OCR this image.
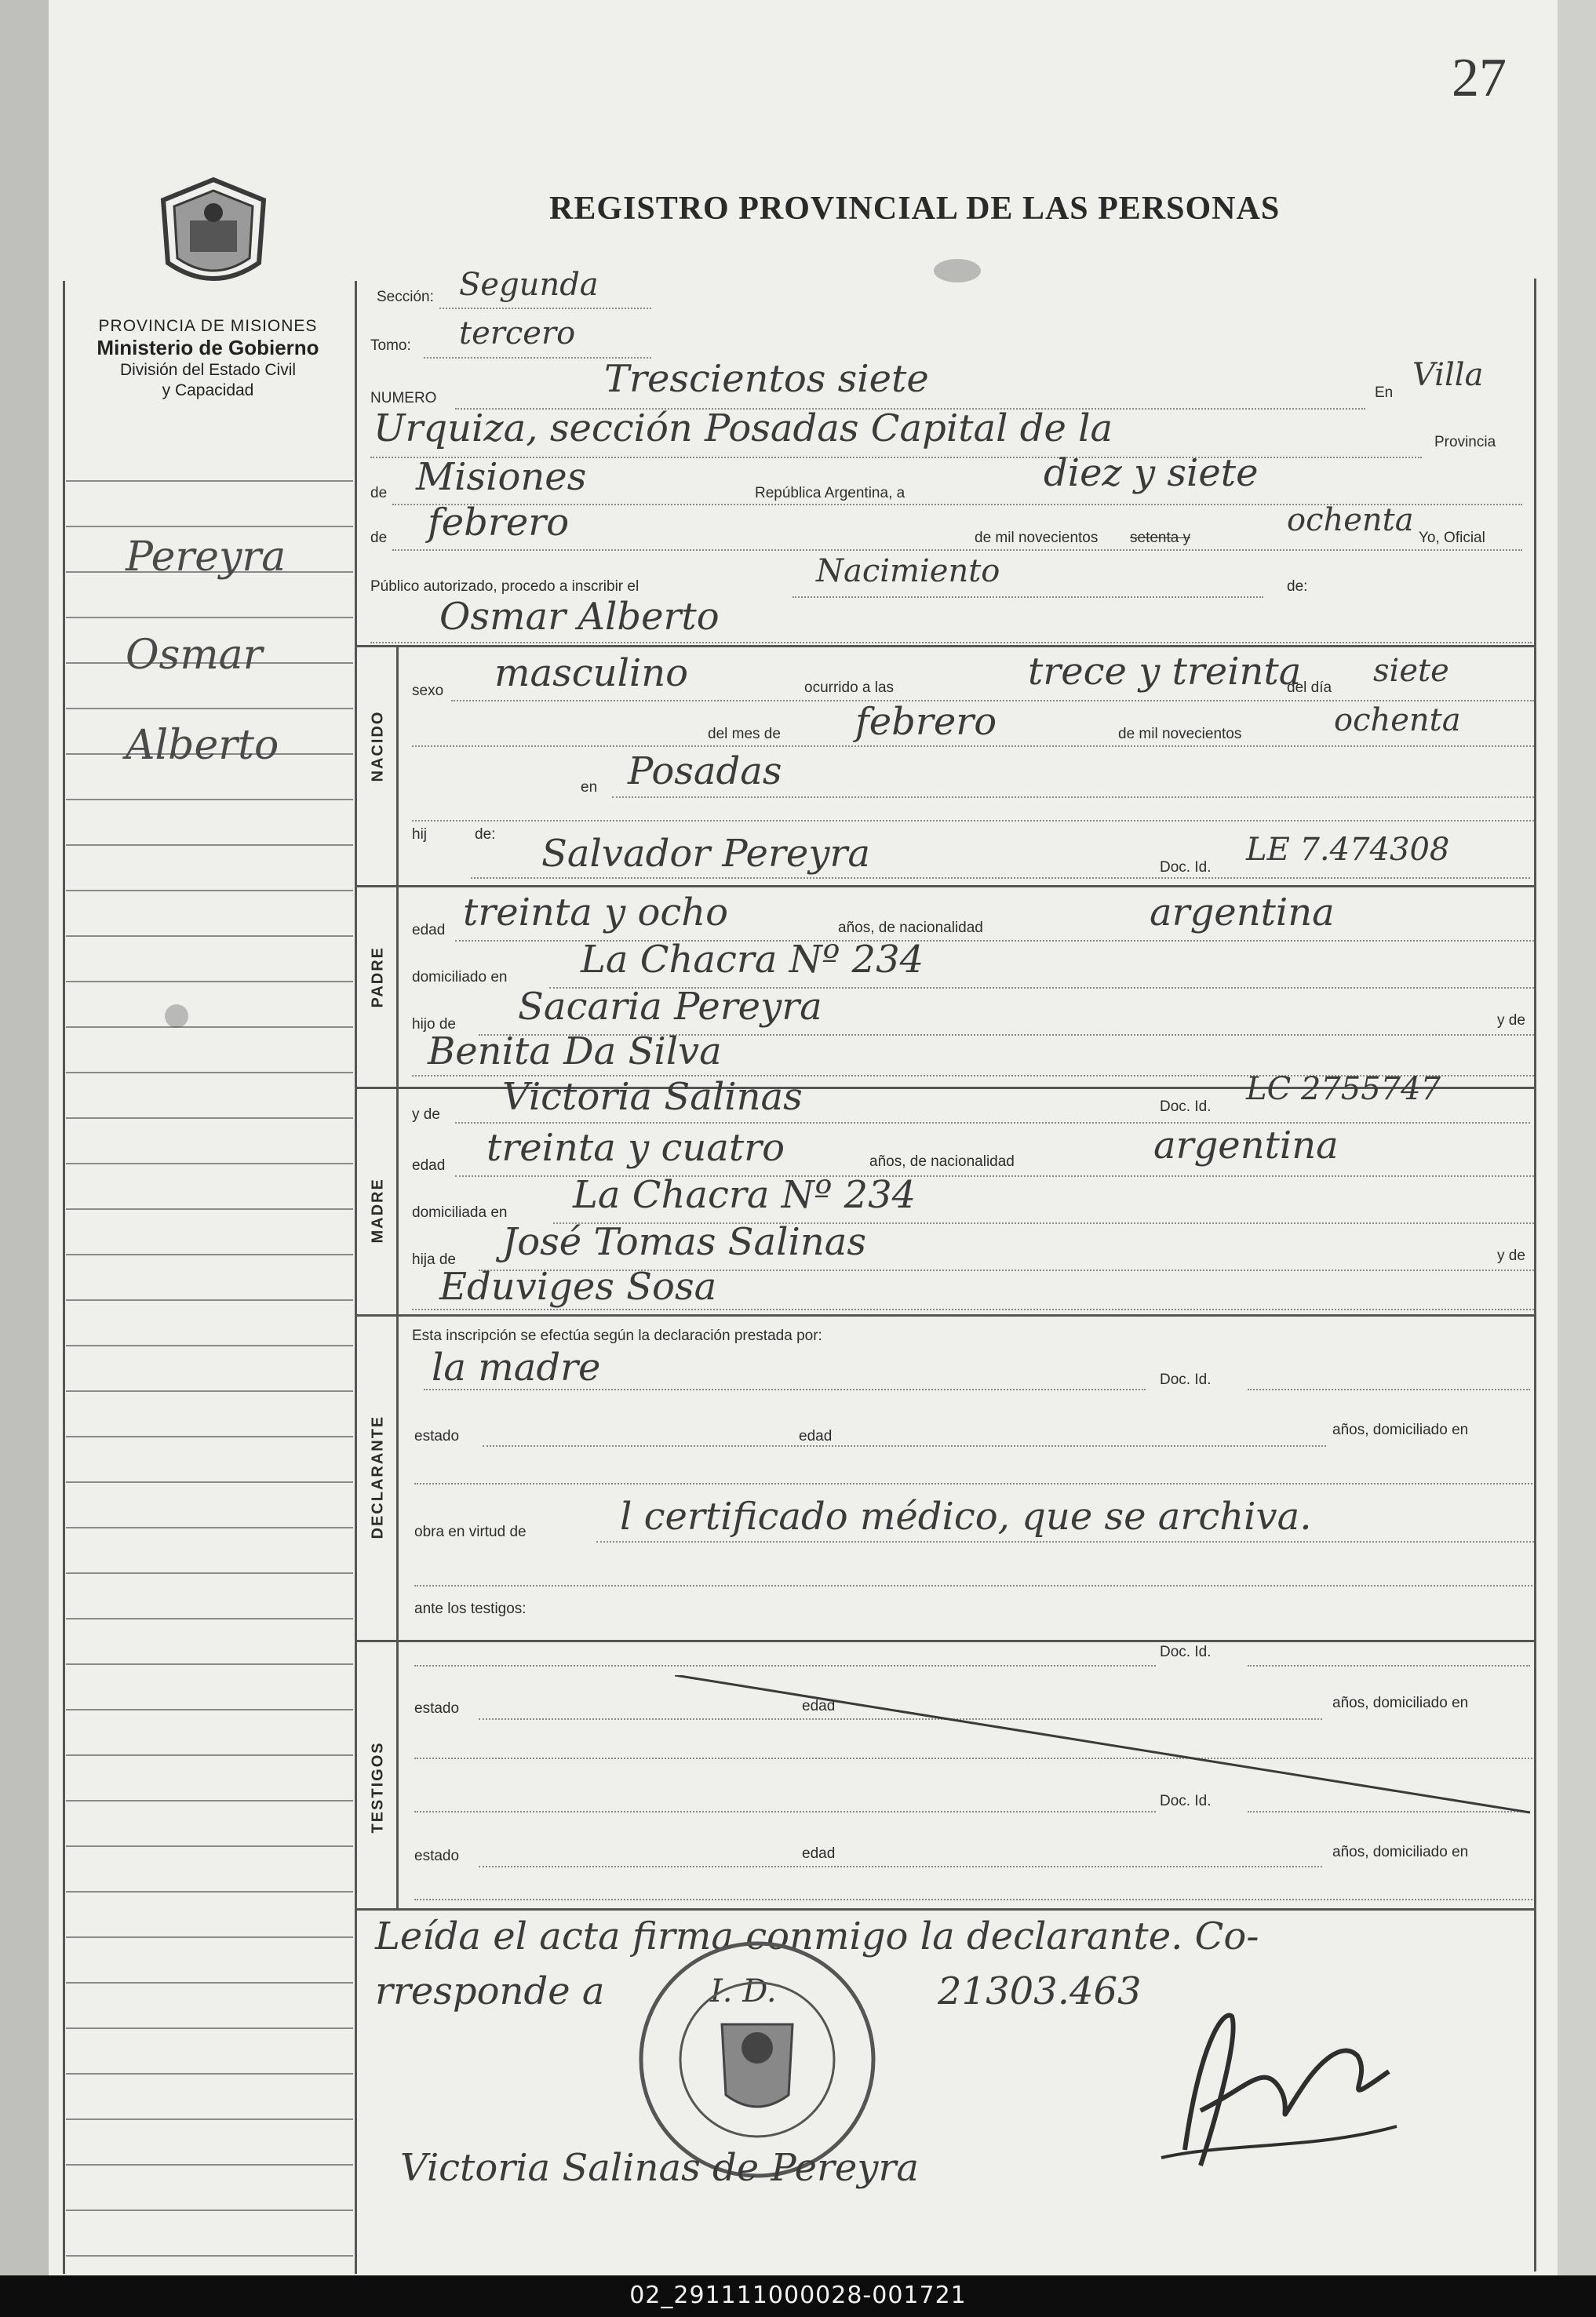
27
REGISTRO PROVINCIAL DE LAS PERSONAS
PROVINCIA DE MISIONES
Ministerio de Gobierno
División del Estado Civil
y Capacidad
Pereyra
Osmar
Alberto
Sección: Segunda
Tomo: tercero
NUMERO	Trescientos siete	En Villa
Urquiza, sección Posadas Capital de la	Provincia
de Misiones	República Argentina, a	diez y siete
de febrero	de mil novecientos setenta y	ochenta Yo, Oficial
Público autorizado, procedo a inscribir el	Nacimiento	de:
Osmar Alberto
NACIDO
PADRE
MADRE
DECLARANTE
TESTIGOS
sexo masculino	ocurrido a las	trece y treinta
del día siete
del mes de febrero	de mil novecientos	ochenta
en Posadas
hij	de: Salvador Pereyra	Doc. Id. LE 7.474308
edad treinta y ocho	años, de nacionalidad	argentina
domiciliado en La Chacra Nº 234
hijo de Sacaria Pereyra	y de
Benita Da Silva
y de Victoria Salinas	Doc. Id. LC 2755747
edad treinta y cuatro	años, de nacionalidad	argentina
domiciliada en La Chacra Nº 234
hija de José Tomas Salinas	y de
Eduviges Sosa
Esta inscripción se efectúa según la declaración prestada por:
la madre	Doc. Id.
estado	edad	años, domiciliado en
obra en virtud de l certificado médico, que se archiva.
ante los testigos:
Doc. Id.
estado	edad	años, domiciliado en
Doc. Id.
estado	edad	años, domiciliado en
Leída el acta firma conmigo la declarante. Co-
rresponde a	I. D.	21303.463
Victoria Salinas de Pereyra
02_291111000028-001721
